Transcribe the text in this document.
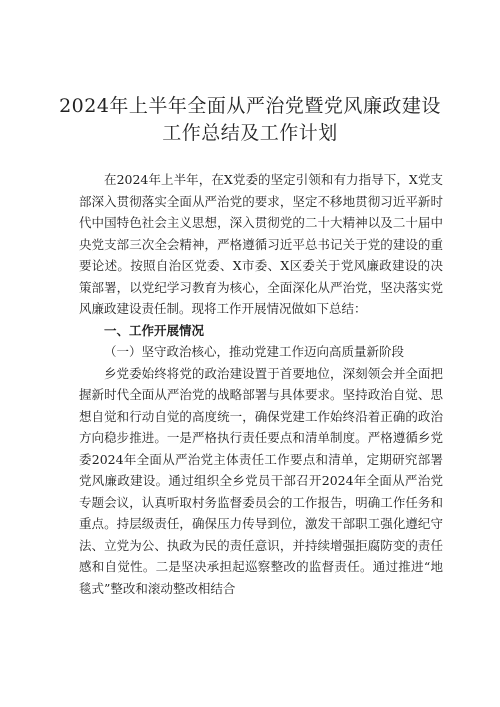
2024年上半年全面从严治党暨党风廉政建设
工作总结及工作计划

在2024年上半年，在X党委的坚定引领和有力指导下，X党支部深入贯彻落实全面从严治党的要求，坚定不移地贯彻习近平新时代中国特色社会主义思想，深入贯彻党的二十大精神以及二十届中央党支部三次全会精神，严格遵循习近平总书记关于党的建设的重要论述。按照自治区党委、X市委、X区委关于党风廉政建设的决策部署，以党纪学习教育为核心，全面深化从严治党，坚决落实党风廉政建设责任制。现将工作开展情况做如下总结：

一、工作开展情况

（一）坚守政治核心，推动党建工作迈向高质量新阶段

乡党委始终将党的政治建设置于首要地位，深刻领会并全面把握新时代全面从严治党的战略部署与具体要求。坚持政治自觉、思想自觉和行动自觉的高度统一，确保党建工作始终沿着正确的政治方向稳步推进。一是严格执行责任要点和清单制度。严格遵循乡党委2024年全面从严治党主体责任工作要点和清单，定期研究部署党风廉政建设。通过组织全乡党员干部召开2024年全面从严治党专题会议，认真听取村务监督委员会的工作报告，明确工作任务和重点。持层级责任，确保压力传导到位，激发干部职工强化遵纪守法、立党为公、执政为民的责任意识，并持续增强拒腐防变的责任感和自觉性。二是坚决承担起巡察整改的监督责任。通过推进“地毯式”整改和滚动整改相结合
